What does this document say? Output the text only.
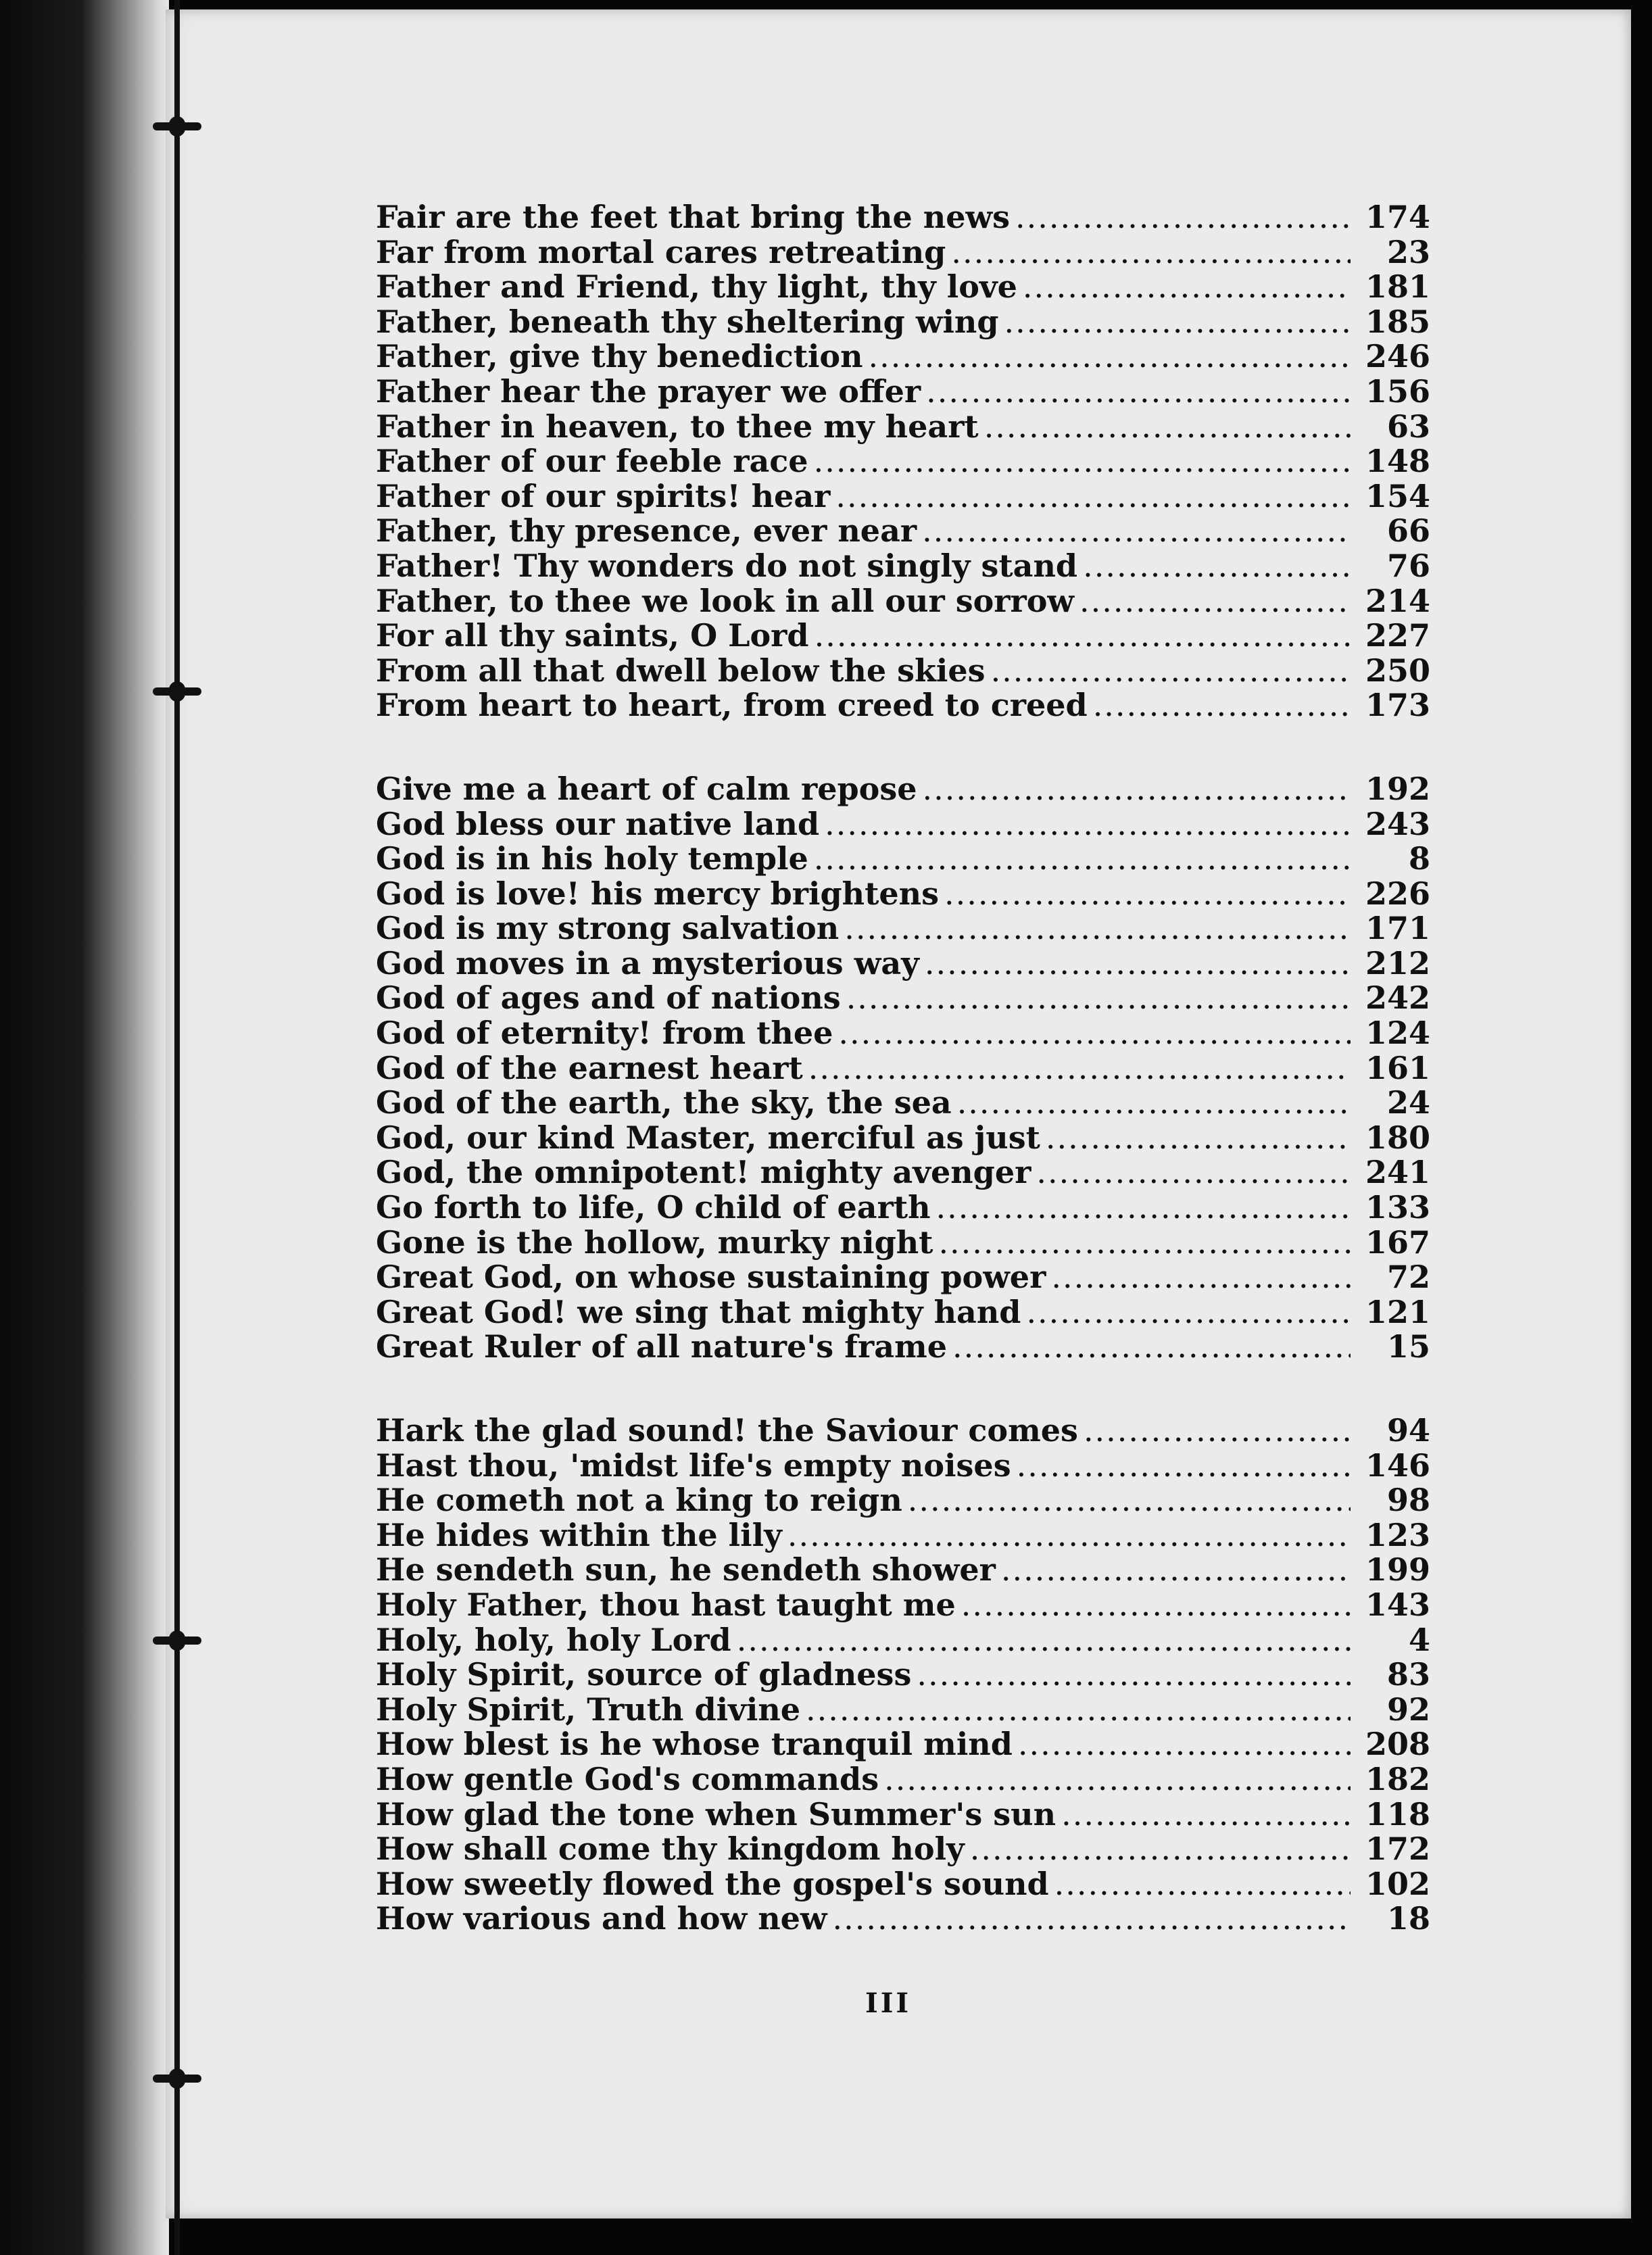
Fair are the feet that bring the news .....	174
Far from mortal cares retreating .....	23
Father and Friend, thy light, thy love .....	181
Father, beneath thy sheltering wing .....	185
Father, give thy benediction .....	246
Father hear the prayer we offer .....	156
Father in heaven, to thee my heart .....	63
Father of our feeble race .....	148
Father of our spirits! hear .....	154
Father, thy presence, ever near .....	66
Father! Thy wonders do not singly stand .....	76
Father, to thee we look in all our sorrow .....	214
For all thy saints, O Lord .....	227
From all that dwell below the skies .....	250
From heart to heart, from creed to creed .....	173
Give me a heart of calm repose .....	192
God bless our native land .....	243
God is in his holy temple .....	8
God is love! his mercy brightens .....	226
God is my strong salvation .....	171
God moves in a mysterious way .....	212
God of ages and of nations .....	242
God of eternity! from thee .....	124
God of the earnest heart .....	161
God of the earth, the sky, the sea .....	24
God, our kind Master, merciful as just .....	180
God, the omnipotent! mighty avenger .....	241
Go forth to life, O child of earth .....	133
Gone is the hollow, murky night .....	167
Great God, on whose sustaining power .....	72
Great God! we sing that mighty hand .....	121
Great Ruler of all nature's frame .....	15
Hark the glad sound! the Saviour comes .....	94
Hast thou, 'midst life's empty noises .....	146
He cometh not a king to reign .....	98
He hides within the lily .....	123
He sendeth sun, he sendeth shower .....	199
Holy Father, thou hast taught me .....	143
Holy, holy, holy Lord .....	4
Holy Spirit, source of gladness .....	83
Holy Spirit, Truth divine .....	92
How blest is he whose tranquil mind .....	208
How gentle God's commands .....	182
How glad the tone when Summer's sun .....	118
How shall come thy kingdom holy .....	172
How sweetly flowed the gospel's sound .....	102
How various and how new .....	18
III
